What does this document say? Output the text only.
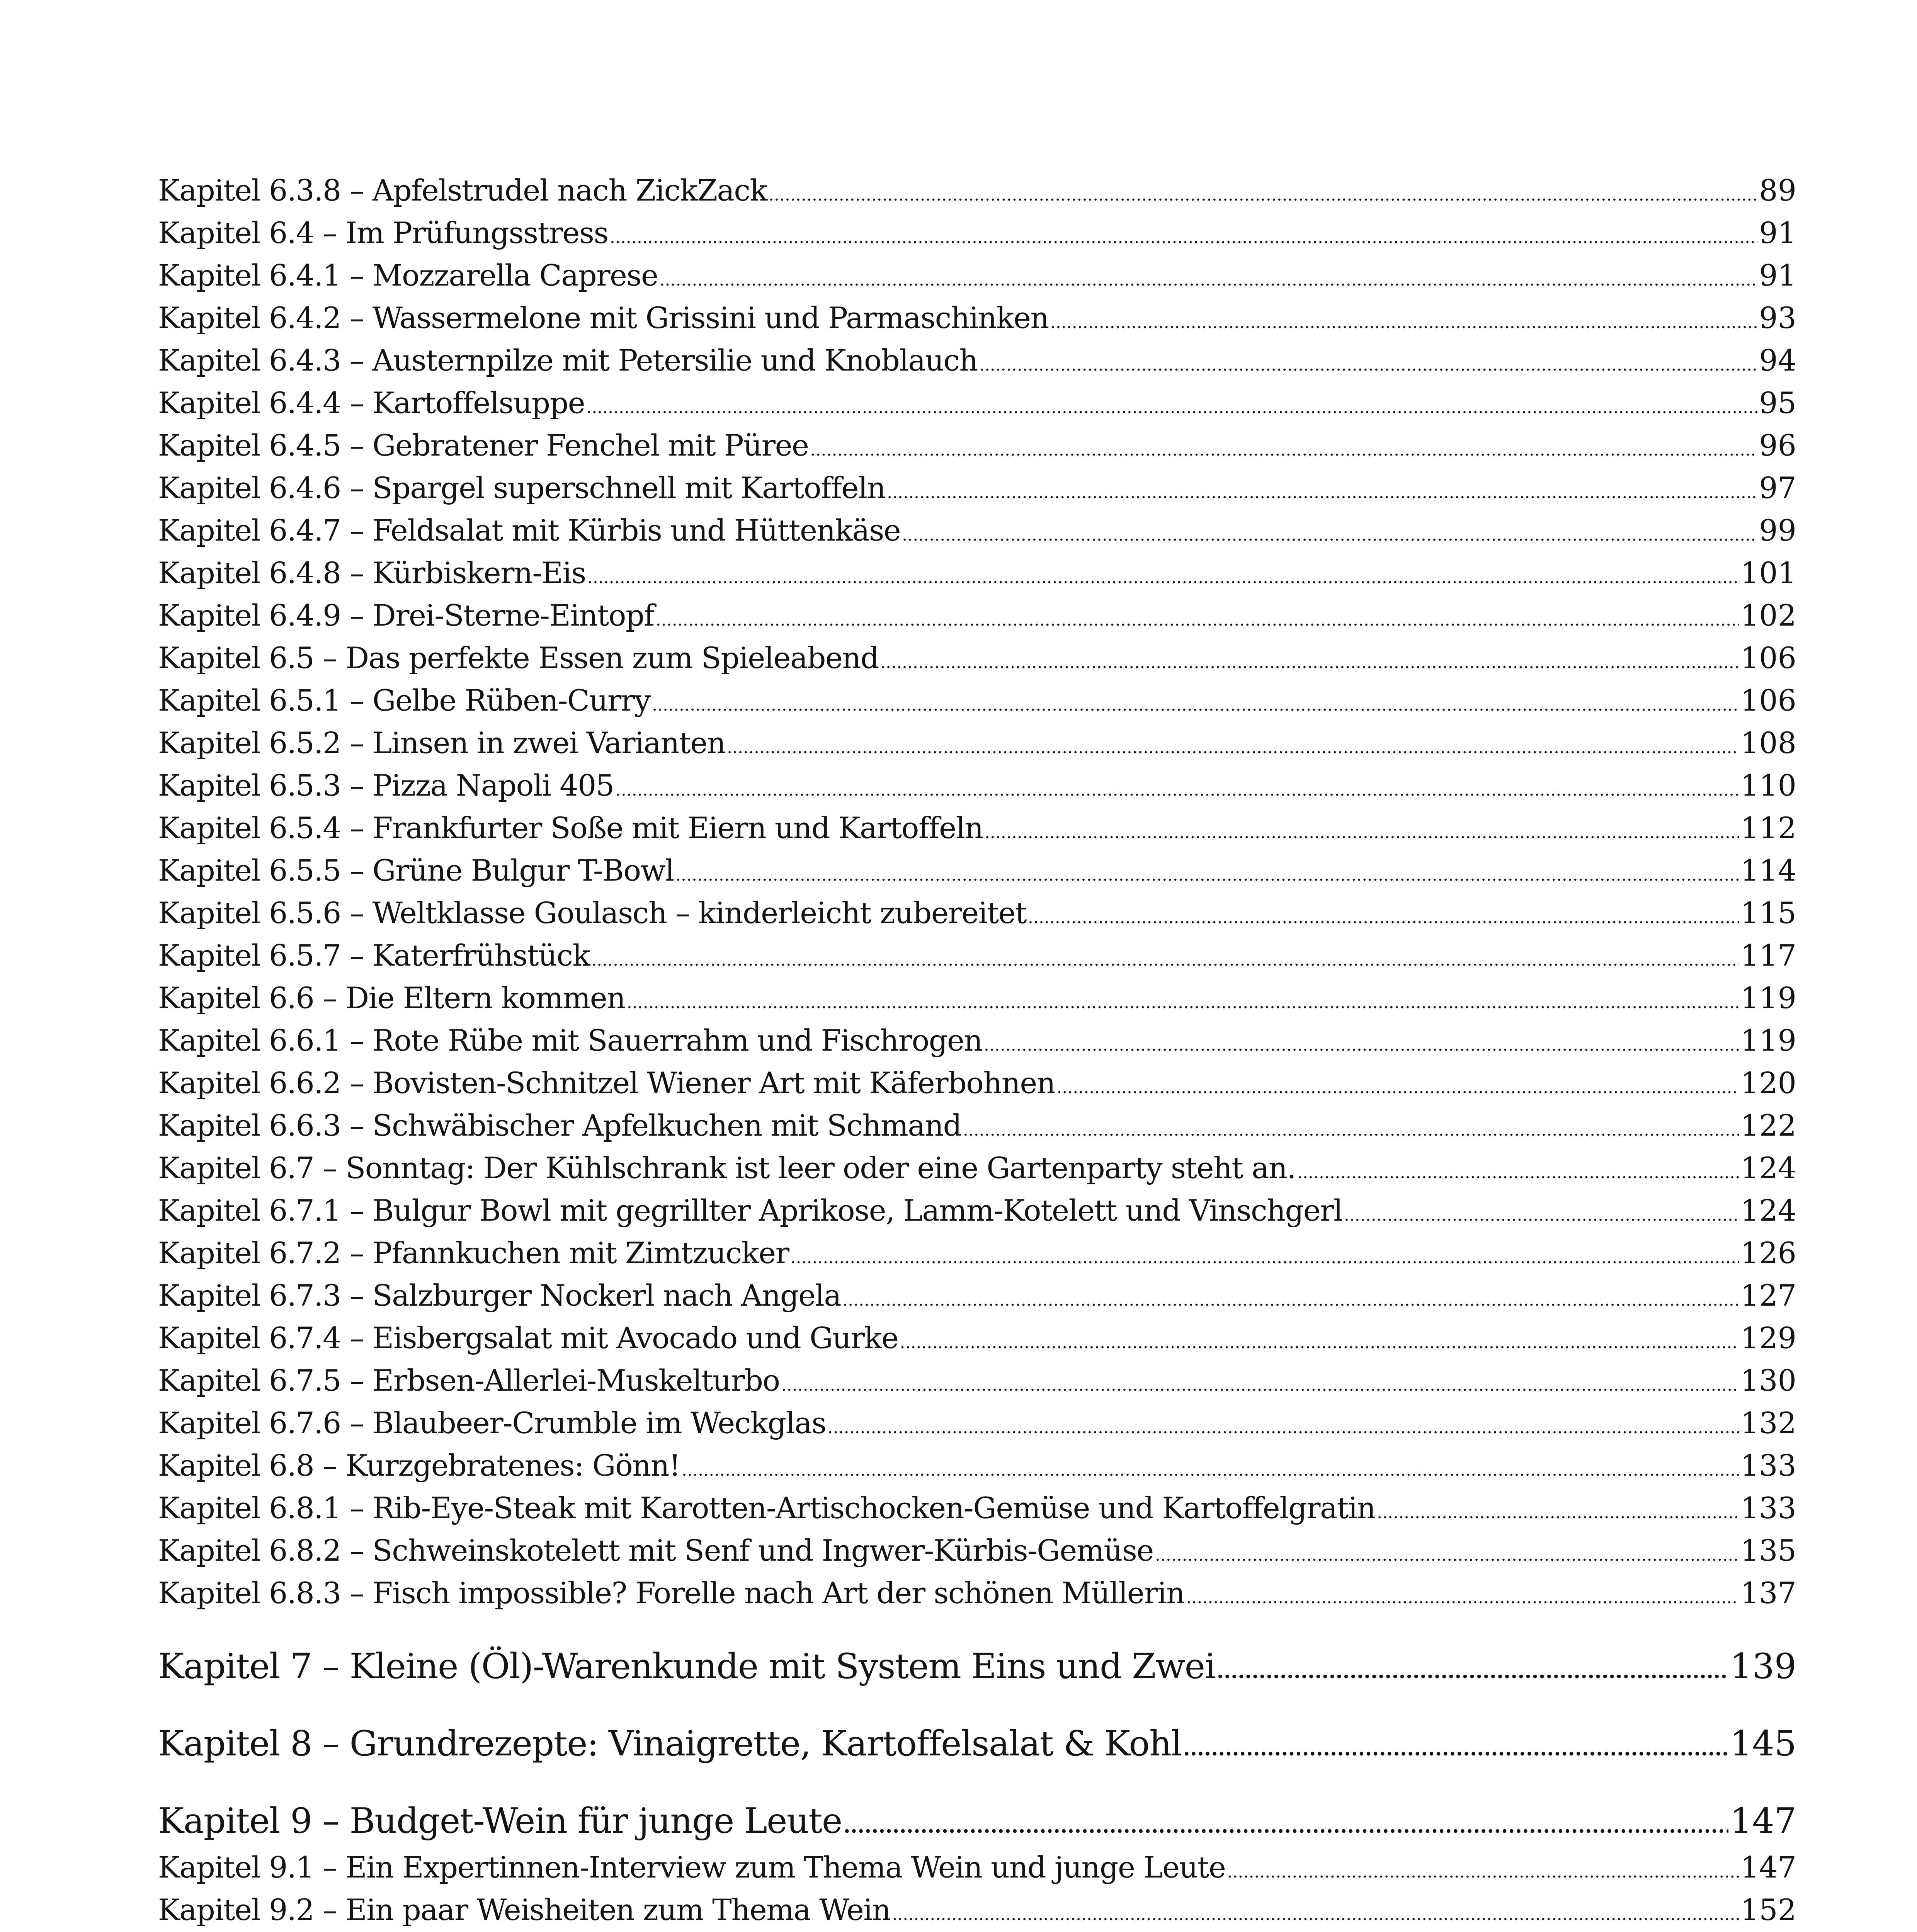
Kapitel 6.3.8 – Apfelstrudel nach ZickZack .....	89
Kapitel 6.4 – Im Prüfungsstress .....	91
Kapitel 6.4.1 – Mozzarella Caprese .....	91
Kapitel 6.4.2 – Wassermelone mit Grissini und Parmaschinken .....	93
Kapitel 6.4.3 – Austernpilze mit Petersilie und Knoblauch .....	94
Kapitel 6.4.4 – Kartoffelsuppe .....	95
Kapitel 6.4.5 – Gebratener Fenchel mit Püree .....	96
Kapitel 6.4.6 – Spargel superschnell mit Kartoffeln .....	97
Kapitel 6.4.7 – Feldsalat mit Kürbis und Hüttenkäse .....	99
Kapitel 6.4.8 – Kürbiskern-Eis .....	101
Kapitel 6.4.9 – Drei-Sterne-Eintopf .....	102
Kapitel 6.5 – Das perfekte Essen zum Spieleabend .....	106
Kapitel 6.5.1 – Gelbe Rüben-Curry .....	106
Kapitel 6.5.2 – Linsen in zwei Varianten .....	108
Kapitel 6.5.3 – Pizza Napoli 405 .....	110
Kapitel 6.5.4 – Frankfurter Soße mit Eiern und Kartoffeln .....	112
Kapitel 6.5.5 – Grüne Bulgur T-Bowl .....	114
Kapitel 6.5.6 – Weltklasse Goulasch – kinderleicht zubereitet .....	115
Kapitel 6.5.7 – Katerfrühstück .....	117
Kapitel 6.6 – Die Eltern kommen .....	119
Kapitel 6.6.1 – Rote Rübe mit Sauerrahm und Fischrogen .....	119
Kapitel 6.6.2 – Bovisten-Schnitzel Wiener Art mit Käferbohnen .....	120
Kapitel 6.6.3 – Schwäbischer Apfelkuchen mit Schmand .....	122
Kapitel 6.7 – Sonntag: Der Kühlschrank ist leer oder eine Gartenparty steht an. .....	124
Kapitel 6.7.1 – Bulgur Bowl mit gegrillter Aprikose, Lamm-Kotelett und Vinschgerl .....	124
Kapitel 6.7.2 – Pfannkuchen mit Zimtzucker .....	126
Kapitel 6.7.3 – Salzburger Nockerl nach Angela .....	127
Kapitel 6.7.4 – Eisbergsalat mit Avocado und Gurke .....	129
Kapitel 6.7.5 – Erbsen-Allerlei-Muskelturbo .....	130
Kapitel 6.7.6 – Blaubeer-Crumble im Weckglas .....	132
Kapitel 6.8 – Kurzgebratenes: Gönn! .....	133
Kapitel 6.8.1 – Rib-Eye-Steak mit Karotten-Artischocken-Gemüse und Kartoffelgratin .....	133
Kapitel 6.8.2 – Schweinskotelett mit Senf und Ingwer-Kürbis-Gemüse .....	135
Kapitel 6.8.3 – Fisch impossible? Forelle nach Art der schönen Müllerin .....	137
Kapitel 7 – Kleine (Öl)-Warenkunde mit System Eins und Zwei .....	139
Kapitel 8 – Grundrezepte: Vinaigrette, Kartoffelsalat & Kohl .....	145
Kapitel 9 – Budget-Wein für junge Leute .....	147
Kapitel 9.1 – Ein Expertinnen-Interview zum Thema Wein und junge Leute .....	147
Kapitel 9.2 – Ein paar Weisheiten zum Thema Wein .....	152
